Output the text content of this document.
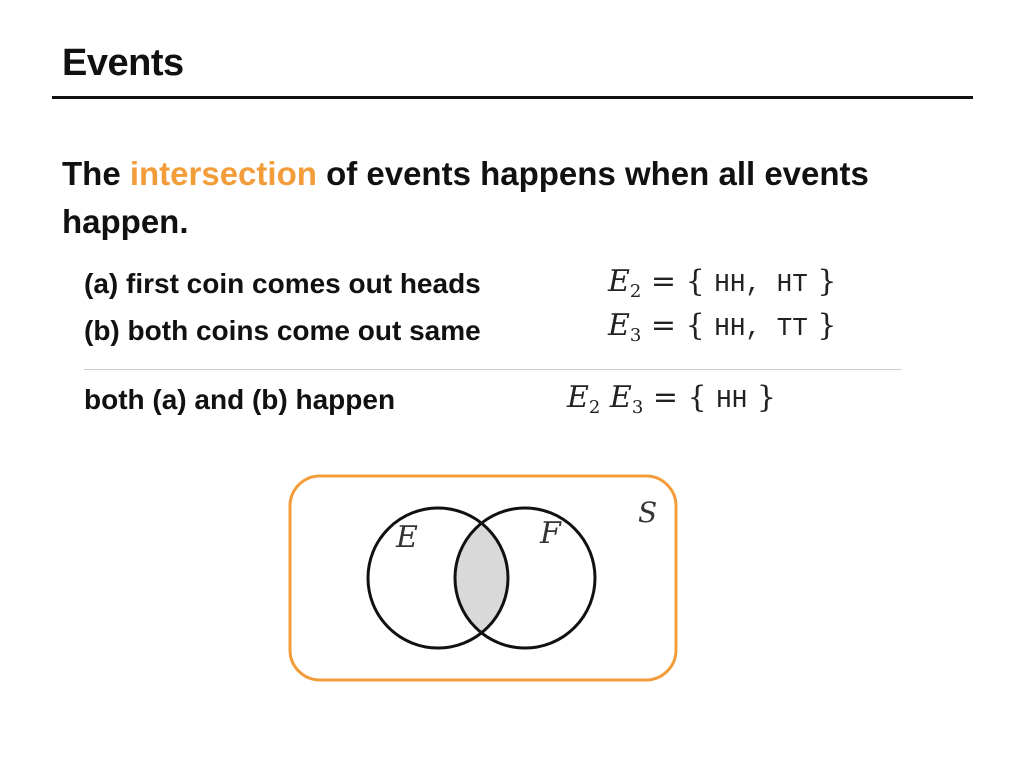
Events
The intersection of events happens when all events happen.
(a) first coin comes out heads	$E_2$ = { HH, HT }
(b) both coins come out same	$E_3$ = { HH, TT }
both (a) and (b) happen	$E_2$ $E_3$ = { HH }
E	F
S
